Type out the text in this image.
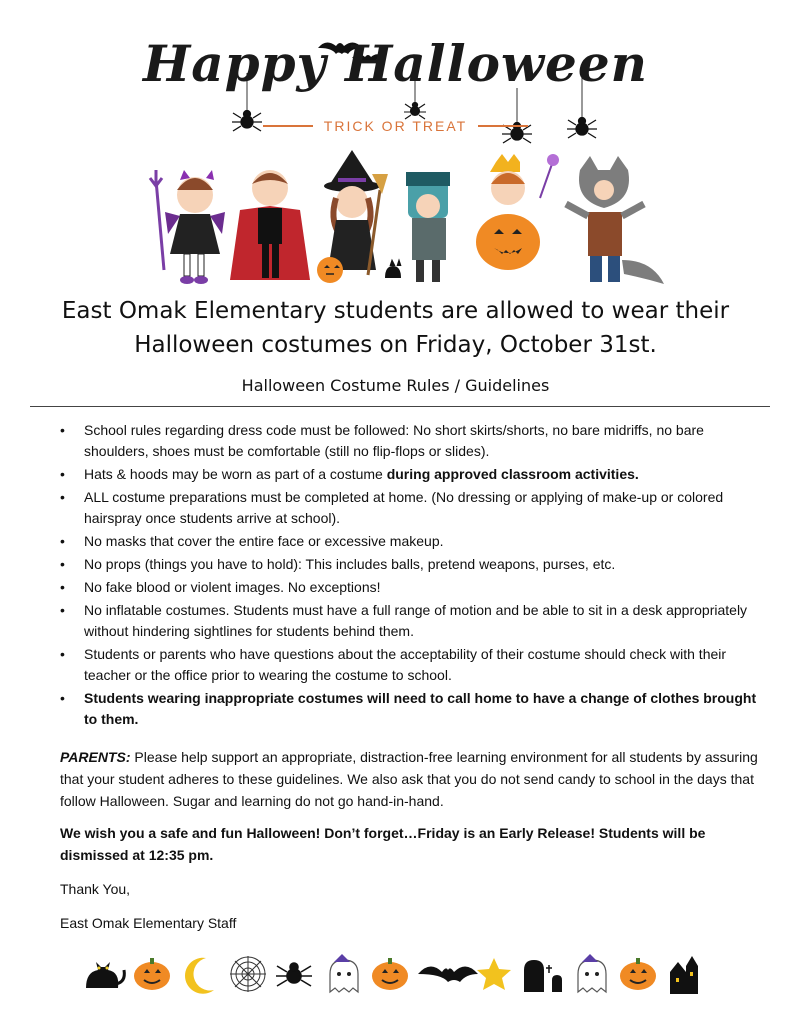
Happy Halloween
TRICK OR TREAT
East Omak Elementary students are allowed to wear their
Halloween costumes on Friday, October 31st.
Halloween Costume Rules / Guidelines
• School rules regarding dress code must be followed: No short skirts/shorts, no bare midriffs, no bare shoulders, shoes must be comfortable (still no flip-flops or slides).
• Hats & hoods may be worn as part of a costume during approved classroom activities.
• ALL costume preparations must be completed at home. (No dressing or applying of make-up or colored hairspray once students arrive at school).
• No masks that cover the entire face or excessive makeup.
• No props (things you have to hold): This includes balls, pretend weapons, purses, etc.
• No fake blood or violent images. No exceptions!
• No inflatable costumes. Students must have a full range of motion and be able to sit in a desk appropriately without hindering sightlines for students behind them.
• Students or parents who have questions about the acceptability of their costume should check with their teacher or the office prior to wearing the costume to school.
• Students wearing inappropriate costumes will need to call home to have a change of clothes brought to them.

PARENTS: Please help support an appropriate, distraction-free learning environment for all students by assuring that your student adheres to these guidelines. We also ask that you do not send candy to school in the days that follow Halloween. Sugar and learning do not go hand-in-hand.

We wish you a safe and fun Halloween! Don’t forget…Friday is an Early Release! Students will be dismissed at 12:35 pm.

Thank You,

East Omak Elementary Staff
